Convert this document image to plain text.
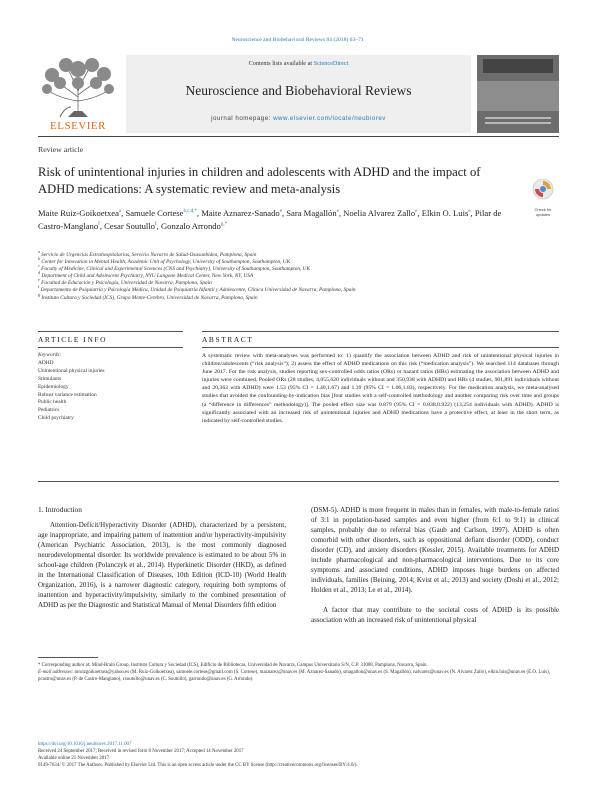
Neuroscience and Biobehavioral Reviews 84 (2018) 63–71
ELSEVIER
Contents lists available at ScienceDirect
Neuroscience and Biobehavioral Reviews
journal homepage: www.elsevier.com/locate/neubiorev
Review article
Risk of unintentional injuries in children and adolescents with ADHD and the impact of ADHD medications: A systematic review and meta-analysis
Check for updates
Maite Ruiz-Goikoetxea$^a$, Samuele Cortese$^{b,c,d,*}$, Maite Aznarez-Sanado$^e$, Sara Magallón$^e$, Noelia Alvarez Zallo$^e$, Elkin O. Luis$^e$, Pilar de Castro-Manglano$^f$, Cesar Soutullo$^f$, Gonzalo Arrondo$^{g,*}$
$^a$ Servicio de Urgencias Extrahospitalarias, Servicio Navarro de Salud-Osasunbidea, Pamplona, Spain
$^b$ Center for Innovation in Mental Health, Academic Unit of Psychology, University of Southampton, Southampton, UK
$^c$ Faculty of Medicine, Clinical and Experimental Sciences (CNS and Psychiatry), University of Southampton, Southampton, UK
$^d$ Department of Child and Adolescent Psychiatry, NYU Langone Medical Center, New York, NY, USA
$^e$ Facultad de Educación y Psicología, Universidad de Navarra, Pamplona, Spain
$^f$ Departamento de Psiquiatría y Psicología Médica, Unidad de Psiquiatría Infantil y Adolescente, Clínica Universidad de Navarra, Pamplona, Spain
$^g$ Instituto Cultura y Sociedad (ICS), Grupo Mente-Cerebro, Universidad de Navarra, Pamplona, Spain
ARTICLE INFO	ABSTRACT
Keywords:
ADHD
Unintentional physical injuries
Stimulants
Epidemiology
Robust variance estimation
Public health
Pediatrics
Child psychiatry
A systematic review with meta-analyses was performed to: 1) quantify the association between ADHD and risk of unintentional physical injuries in children/adolescents (“risk analysis”); 2) assess the effect of ADHD medications on this risk (“medication analysis”). We searched 114 databases through June 2017. For the risk analysis, studies reporting sex-controlled odds ratios (ORs) or hazard ratios (HRs) estimating the association between ADHD and injuries were combined. Pooled ORs (28 studies, 4,055,620 individuals without and 350,938 with ADHD) and HRs (4 studies, 901,891 individuals without and 20,363 with ADHD) were 1.53 (95% CI = 1.40,1.67) and 1.39 (95% CI = 1.06,1.83), respectively. For the medication analysis, we meta-analysed studies that avoided the confounding-by-indication bias [four studies with a self-controlled methodology and another comparing risk over time and groups (a “difference in differences” methodology)]. The pooled effect size was 0.879 (95% CI = 0.838,0.922) (13,254 individuals with ADHD). ADHD is significantly associated with an increased risk of unintentional injuries and ADHD medications have a protective effect, at least in the short term, as indicated by self-controlled studies.
1. Introduction
Attention-Deficit/Hyperactivity Disorder (ADHD), characterized by a persistent, age inappropriate, and impairing pattern of inattention and/or hyperactivity-impulsivity (American Psychiatric Association, 2013), is the most commonly diagnosed neurodevelopmental disorder. Its worldwide prevalence is estimated to be about 5% in school-age children (Polanczyk et al., 2014). Hyperkinetic Disorder (HKD), as defined in the International Classification of Diseases, 10th Edition (ICD-10) (World Health Organization, 2016), is a narrower diagnostic category, requiring both symptoms of inattention and hyperactivity/impulsivity, similarly to the combined presentation of ADHD as per the Diagnostic and Statistical Manual of Mental Disorders fifth edition

(DSM-5). ADHD is more frequent in males than in females, with male-to-female ratios of 3:1 in population-based samples and even higher (from 6:1 to 9:1) in clinical samples, probably due to referral bias (Gaub and Carlson, 1997). ADHD is often comorbid with other disorders, such as oppositional defiant disorder (ODD), conduct disorder (CD), and anxiety disorders (Kessler, 2015). Available treatments for ADHD include pharmacological and non-pharmacological interventions. Due to its core symptoms and associated conditions, ADHD imposes huge burdens on affected individuals, families (Beining, 2014; Kvist et al., 2013) and society (Doshi et al., 2012; Holden et al., 2013; Le et al., 2014).

A factor that may contribute to the societal costs of ADHD is its possible association with an increased risk of unintentional physical

* Corresponding author at: Mind-Brain Group, Instituto Cultura y Sociedad (ICS), Edificio de Bibliotecas, Universidad de Navarra, Campus Universitario S/N, C.P. 31008, Pamplona, Navarra, Spain.
E-mail addresses: mruizgoikoetxea@yahoo.es (M. Ruiz-Goikoetxea), samuele.cortese@gmail.com (S. Cortese), maznarez@unav.es (M. Aznarez-Sanado), smagallon@unav.es (S. Magallón), nalvarez@unav.es (N. Alvarez Zallo), elkin.luis@unav.es (E.O. Luis), pcastro@unav.es (P. de Castro-Manglano), csoutullo@unav.es (C. Soutullo), garrondo@unav.es (G. Arrondo).
https://doi.org/10.1016/j.neubiorev.2017.11.007
Received 24 September 2017; Received in revised form 8 November 2017; Accepted 14 November 2017
Available online 21 November 2017
0149-7634/ © 2017 The Authors. Published by Elsevier Ltd. This is an open access article under the CC BY license (http://creativecommons.org/licenses/BY/4.0/).
